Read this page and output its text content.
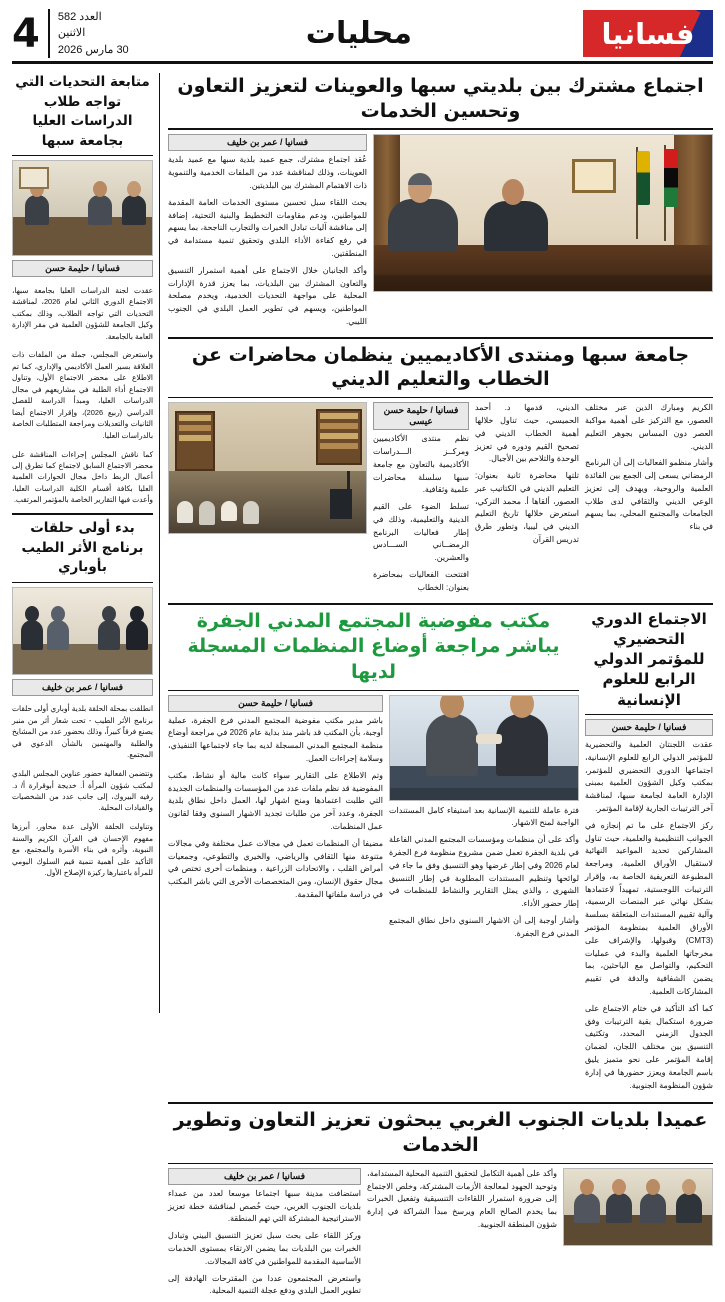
فسانيا
محليات
العدد 582
الاثنين
30 مارس 2026
4
اجتماع مشترك بين بلديتي سبها والعوينات لتعزيز التعاون وتحسين الخدمات
فسانيا / عمر بن خليف

عُقد اجتماع مشترك، جمع عميد بلدية سبها مع عميد بلدية العوينات، وذلك لمناقشة عدد من الملفات الخدمية والتنموية ذات الاهتمام المشترك بين البلديتين.

بحث اللقاء سبل تحسين مستوى الخدمات العامة المقدمة للمواطنين، ودعم مقاومات التخطيط والبنية التحتية، إضافة إلى مناقشة آليات تبادل الخبرات والتجارب الناجحة، بما يسهم في رفع كفاءة الأداء البلدي وتحقيق تنمية مستدامة في المنطقتين.

وأكد الجانبان خلال الاجتماع على أهمية استمرار التنسيق والتعاون المشترك بين البلديات، بما يعزز قدرة الإدارات المحلية على مواجهة التحديات الخدمية، ويخدم مصلحة المواطنين، ويسهم في تطوير العمل البلدي في الجنوب الليبي.

جامعة سبها ومنتدى الأكاديميين ينظمان محاضرات عن الخطاب والتعليم الديني

الكريم ومبارك الدين عبر مختلف العصور، مع التركيز على أهمية مواكبة العصر دون المساس بجوهر التعليم الديني.

وأشار منظمو الفعاليات إلى أن البرنامج الرمضاني يسعى إلى الجمع بين الفائدة العلمية والروحية، ويهدف إلى تعزيز الوعي الديني والثقافي لدى طلاب الجامعات والمجتمع المحلي، بما يسهم في بناء

الديني، قدمها د. أحمد الحميسي، حيث تناول خلالها أهمية الخطاب الديني في تصحيح القيم ودوره في تعزيز الوحدة والتلاحم بين الأجيال.

تلتها محاضرة ثانية بعنوان: التعليم الديني في الكتاتيب عبر العصور، ألقاها أ. محمد التركي، استعرض خلالها تاريخ التعليم الديني في ليبيا، وتطور طرق تدريس القرآن

فسانيا / حليمة حسن عيسى

نظم منتدى الأكاديميين ومركــز الـــدراسات الأكاديمية بالتعاون مع جامعة سبها سلسلة محاضرات علمية وثقافية.

تسلط الضوء على القيم الدينية والتعليمية، وذلك في إطار فعاليات البرنامج الرمضــاني الســـادس والعشرين.

افتتحت الفعاليات بمحاضرة بعنوان: الخطاب

الاجتماع الدوري التحضيري للمؤتمر الدولي الرابع للعلوم الإنسانية
فسانيا / حليمة حسن

عقدت اللجنتان العلمية والتحضيرية للمؤتمر الدولي الرابع للعلوم الإنسانية، اجتماعها الدوري التحضيري للمؤتمر، بمكتب وكيل الشؤون العلمية بمبنى الإدارة العامة لجامعة سبها، لمناقشة آخر الترتيبات الجارية لإقامة المؤتمر.

ركز الاجتماع على ما تم إنجازه في الجوانب التنظيمية والعلمية، حيث تناول المشاركين تحديد المواعيد النهائية لاستقبال الأوراق العلمية، ومراجعة المطبوعة التعريفية الخاصة به، وإقرار الترتيبات اللوجستية، تمهيداً لاعتمادها بشكل نهائي عبر المنصات الرسمية، وآلية تقييم المستندات المتعلقة بسلسة الأوراق العلمية بمنظومة المؤتمر (CMT3) وقبولها، والإشراف على مخرجاتها العلمية والبدء في عمليات التحكيم، والتواصل مع الباحثين، بما يضمن الشفافية والدقة في تقييم المشاركات العلمية.

كما أكد التأكيد في ختام الاجتماع على ضرورة استكمال بقية الترتيبات وفق الجدول الزمني المحدد، وتكثيف التنسيق بين مختلف اللجان، لضمان إقامة المؤتمر على نحو متميز يليق باسم الجامعة ويعزز حضورها في إدارة شؤون المنظومة الجنوبية.

مكتب مفوضية المجتمع المدني الجفرة يباشر مراجعة أوضاع المنظمات المسجلة لديها

فترة عاملة للتنمية الإنسانية بعد استيفاء كامل المستندات الواجبة لمنح الاشهار.

وأكد على أن منظمات ومؤسسات المجتمع المدني الفاعلة في بلدية الجفرة تعمل ضمن مشروع منظومة فرع الجفرة لعام 2026 وفي إطار غرضها وهو التنسيق وفق ما جاء في لوائحها وتنظيم المستندات المطلوبة في إطار التنسيق الشهري ، والذي يمثل التقارير والنشاط للمنظمات في إطار حضور الأداء.

وأشار أوجبة إلى أن الاشهار السنوي داخل نطاق المجتمع المدني فرع الجفرة.

فسانيا / حليمة حسن

باشر مدير مكتب مفوضية المجتمع المدني فرع الجفرة، عملية أوجبة، بأن المكتب قد باشر منذ بداية عام 2026 في مراجعة أوضاع منظمة المجتمع المدني المسجلة لديه بما جاء لاجتماعها التنفيذي، وسلامة إجراءات العمل.

وتم الاطلاع على التقارير سواء كانت مالية أو نشاط، مكتب المفوضية قد نظم ملفات عدد من المؤسسات والمنظمات الجديدة التي طلبت اعتمادها ومنح اشهار لها، العمل داخل نطاق بلدية الجفرة، وعدد آخر من طلبات تجديد الاشهار السنوي وفقا لقانون عمل المنظمات.

مضيفا أن المنظمات تعمل في مجالات عمل مختلفة وفي مجالات متنوعة منها الثقافي والرياضي، والخيري والتطوعي، وجمعيات أمراض القلب ، والاتحادات الزراعية ، ومنظمات أخرى تختص في مجال حقوق الإنسان، ومن المتخصصات الأخرى التي باشر المكتب في دراسة ملفاتها المقدمة.

عميدا بلديات الجنوب الغربي يبحثون تعزيز التعاون وتطوير الخدمات

وأكد على أهمية التكامل لتحقيق التنمية المحلية المستدامة، وتوحيد الجهود لمعالجة الأزمات المشتركة، وخلص الاجتماع إلى ضرورة استمرار اللقاءات التنسيقية وتفعيل الخبرات بما يخدم الصالح العام ويرسخ مبدأ الشراكة في إدارة شؤون المنطقة الجنوبية.

فسانيا / عمر بن خليف

استضافت مدينة سبها اجتماعا موسعا لعدد من عمداء بلديات الجنوب الغربي، حيث خُصص لمناقشة خطة تعزيز الاستراتيجية المشتركة التي تهم المنطقة.

وركز اللقاء على بحث سبل تعزيز التنسيق البيني وتبادل الخبرات بين البلديات بما يضمن الارتقاء بمستوى الخدمات الأساسية المقدمة للمواطنين في كافة المجالات.

واستعرض المجتمعون عددا من المقترحات الهادفة إلى تطوير العمل البلدي ودفع عجلة التنمية المحلية.

متابعة التحديات التي تواجه طلاب الدراسات العليا بجامعة سبها
فسانيا / حليمة حسن

عقدت لجنة الدراسات العليا بجامعة سبها، الاجتماع الدوري الثاني لعام 2026، لمناقشة التحديات التي تواجه الطلاب، وذلك بمكتب وكيل الجامعة للشؤون العلمية في مقر الإدارة العامة بالجامعة.

واستعرض المجلس، جملة من الملفات ذات العلاقة بسير العمل الأكاديمي والإداري، كما تم الاطلاع على محضر الاجتماع الأول، وتناول الاجتماع أداء الطلبة في مشاريعهم في مجال الدراسات العليا، ومبدأ الدراسة للفصل الدراسي (ربيع 2026)، وإقرار الاجتماع أيضا الثانيات والتعديلات ومراجعة المتطلبات الخاصة بالدراسات العليا.

كما ناقش المجلس إجراءات المناقشة على محضر الاجتماع السابق لاجتماع كما تطرق إلى أعمال الربط داخل مجال الحوارات العلمية العليا بكافة أقسام الكلية الدراسات العليا، وأعدت فيها التقارير الخاصة بالمؤتمر المرتقب.

بدء أولى حلقات برنامج الأثر الطيب بأوباري
فسانيا / عمر بن خليف

انطلقت بمحلة الحلقة بلدية أوباري أولى حلقات برنامج الأثر الطيب - تحت شعار أثر من منبر يصنع فرقاً كبيراً، وذلك بحضور عدد من المشايخ والطلبة والمهتمين بالشأن الدعوي في المجتمع.

وتتضمن الفعالية حضور عناوين المجلس البلدي لمكتب شؤون المرأة أ. خديجة أبوقرارة أ/ د. رفيه البيروك، إلى جانب عدد من الشخصيات والقيادات المحلية.

وتناولت الحلقة الأولى عدة محاور، أبرزها مفهوم الإحسان في القرآن الكريم والسنة النبوية، وأثره في بناء الأسرة والمجتمع، مع التأكيد على أهمية تنمية قيم السلوك اليومي للمرأة باعتبارها ركيزة الإصلاح الأول.
